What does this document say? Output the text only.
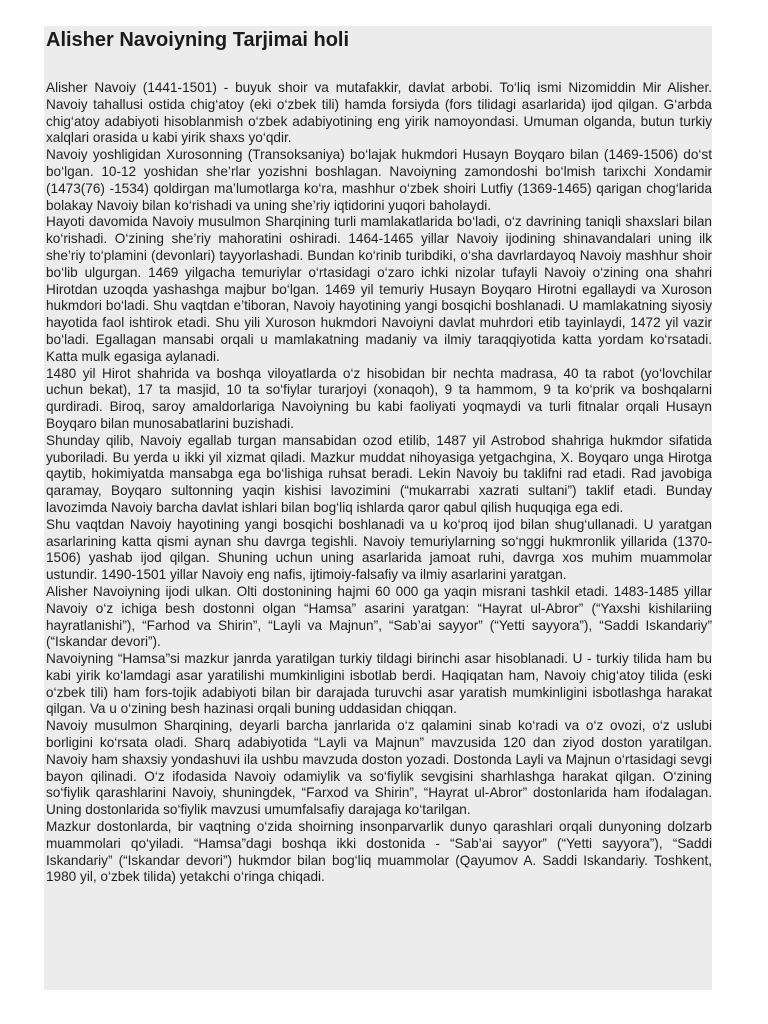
Alisher Navoiyning Tarjimai holi

Alisher Navoiy (1441-1501) - buyuk shoir va mutafakkir, davlat arbobi. To‘liq ismi Nizomiddin Mir Alisher. Navoiy tahallusi ostida chig‘atoy (eki o‘zbek tili) hamda forsiyda (fors tilidagi asarlarida) ijod qilgan. G‘arbda chig‘atoy adabiyoti hisoblanmish o‘zbek adabiyotining eng yirik namoyondasi. Umuman olganda, butun turkiy xalqlari orasida u kabi yirik shaxs yo‘qdir.

Navoiy yoshligidan Xurosonning (Transoksaniya) bo‘lajak hukmdori Husayn Boyqaro bilan (1469-1506) do‘st bo‘lgan. 10-12 yoshidan she’rlar yozishni boshlagan. Navoiyning zamondoshi bo‘lmish tarixchi Xondamir (1473(76) -1534) qoldirgan ma’lumotlarga ko‘ra, mashhur o‘zbek shoiri Lutfiy (1369-1465) qarigan chog‘larida bolakay Navoiy bilan ko‘rishadi va uning she’riy iqtidorini yuqori baholaydi.

Hayoti davomida Navoiy musulmon Sharqining turli mamlakatlarida bo‘ladi, o‘z davrining taniqli shaxslari bilan ko‘rishadi. O‘zining she’riy mahoratini oshiradi. 1464-1465 yillar Navoiy ijodining shinavandalari uning ilk she’riy to‘plamini (devonlari) tayyorlashadi. Bundan ko‘rinib turibdiki, o‘sha davrlardayoq Navoiy mashhur shoir bo‘lib ulgurgan. 1469 yilgacha temuriylar o‘rtasidagi o‘zaro ichki nizolar tufayli Navoiy o‘zining ona shahri Hirotdan uzoqda yashashga majbur bo‘lgan. 1469 yil temuriy Husayn Boyqaro Hirotni egallaydi va Xuroson hukmdori bo‘ladi. Shu vaqtdan e’tiboran, Navoiy hayotining yangi bosqichi boshlanadi. U mamlakatning siyosiy hayotida faol ishtirok etadi. Shu yili Xuroson hukmdori Navoiyni davlat muhrdori etib tayinlaydi, 1472 yil vazir bo‘ladi. Egallagan mansabi orqali u mamlakatning madaniy va ilmiy taraqqiyotida katta yordam ko‘rsatadi. Katta mulk egasiga aylanadi.

1480 yil Hirot shahrida va boshqa viloyatlarda o‘z hisobidan bir nechta madrasa, 40 ta rabot (yo‘lovchilar uchun bekat), 17 ta masjid, 10 ta so‘fiylar turarjoyi (xonaqoh), 9 ta hammom, 9 ta ko‘prik va boshqalarni qurdiradi. Biroq, saroy amaldorlariga Navoiyning bu kabi faoliyati yoqmaydi va turli fitnalar orqali Husayn Boyqaro bilan munosabatlarini buzishadi.

Shunday qilib, Navoiy egallab turgan mansabidan ozod etilib, 1487 yil Astrobod shahriga hukmdor sifatida yuboriladi. Bu yerda u ikki yil xizmat qiladi. Mazkur muddat nihoyasiga yetgachgina, X. Boyqaro unga Hirotga qaytib, hokimiyatda mansabga ega bo‘lishiga ruhsat beradi. Lekin Navoiy bu taklifni rad etadi. Rad javobiga qaramay, Boyqaro sultonning yaqin kishisi lavozimini (“mukarrabi xazrati sultani”) taklif etadi. Bunday lavozimda Navoiy barcha davlat ishlari bilan bog‘liq ishlarda qaror qabul qilish huquqiga ega edi.

Shu vaqtdan Navoiy hayotining yangi bosqichi boshlanadi va u ko‘proq ijod bilan shug‘ullanadi. U yaratgan asarlarining katta qismi aynan shu davrga tegishli. Navoiy temuriylarning so‘nggi hukmronlik yillarida (1370-1506) yashab ijod qilgan. Shuning uchun uning asarlarida jamoat ruhi, davrga xos muhim muammolar ustundir. 1490-1501 yillar Navoiy eng nafis, ijtimoiy-falsafiy va ilmiy asarlarini yaratgan.

Alisher Navoiyning ijodi ulkan. Olti dostonining hajmi 60 000 ga yaqin misrani tashkil etadi. 1483-1485 yillar Navoiy o‘z ichiga besh dostonni olgan “Hamsa” asarini yaratgan: “Hayrat ul-Abror” (“Yaxshi kishilariing hayratlanishi”), “Farhod va Shirin”, “Layli va Majnun”, “Sab’ai sayyor” (“Yetti sayyora”), “Saddi Iskandariy” (“Iskandar devori”).

Navoiyning “Hamsa”si mazkur janrda yaratilgan turkiy tildagi birinchi asar hisoblanadi. U - turkiy tilida ham bu kabi yirik ko‘lamdagi asar yaratilishi mumkinligini isbotlab berdi. Haqiqatan ham, Navoiy chig‘atoy tilida (eski o‘zbek tili) ham fors-tojik adabiyoti bilan bir darajada turuvchi asar yaratish mumkinligini isbotlashga harakat qilgan. Va u o‘zining besh hazinasi orqali buning uddasidan chiqqan.

Navoiy musulmon Sharqining, deyarli barcha janrlarida o‘z qalamini sinab ko‘radi va o‘z ovozi, o‘z uslubi borligini ko‘rsata oladi. Sharq adabiyotida “Layli va Majnun” mavzusida 120 dan ziyod doston yaratilgan. Navoiy ham shaxsiy yondashuvi ila ushbu mavzuda doston yozadi. Dostonda Layli va Majnun o‘rtasidagi sevgi bayon qilinadi. O‘z ifodasida Navoiy odamiylik va so‘fiylik sevgisini sharhlashga harakat qilgan. O‘zining so‘fiylik qarashlarini Navoiy, shuningdek, “Farxod va Shirin”, “Hayrat ul-Abror” dostonlarida ham ifodalagan. Uning dostonlarida so‘fiylik mavzusi umumfalsafiy darajaga ko‘tarilgan.

Mazkur dostonlarda, bir vaqtning o‘zida shoirning insonparvarlik dunyo qarashlari orqali dunyoning dolzarb muammolari qo‘yiladi. “Hamsa”dagi boshqa ikki dostonida - “Sab’ai sayyor” (“Yetti sayyora”), “Saddi Iskandariy” (“Iskandar devori”) hukmdor bilan bog‘liq muammolar (Qayumov A. Saddi Iskandariy. Toshkent, 1980 yil, o‘zbek tilida) yetakchi o‘ringa chiqadi.
